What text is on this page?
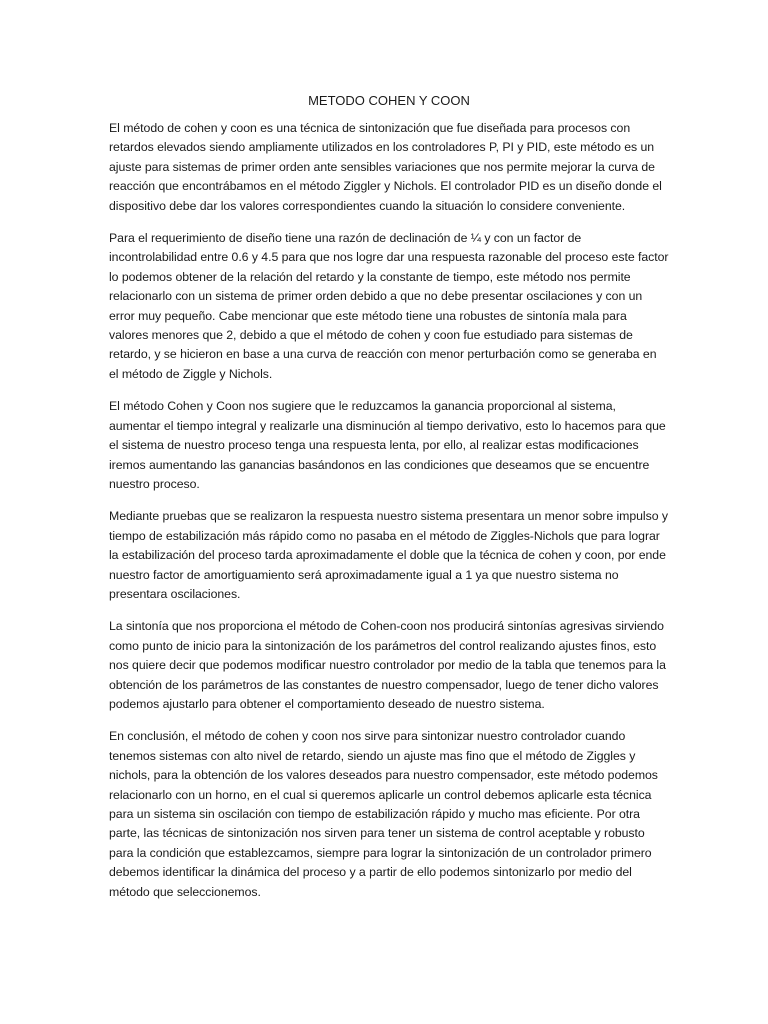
METODO COHEN Y COON

El método de cohen y coon es una técnica de sintonización que fue diseñada para procesos con retardos elevados siendo ampliamente utilizados en los controladores P, PI y PID, este método es un ajuste para sistemas de primer orden ante sensibles variaciones que nos permite mejorar la curva de reacción que encontrábamos en el método Ziggler y Nichols. El controlador PID es un diseño donde el dispositivo debe dar los valores correspondientes cuando la situación lo considere conveniente.

Para el requerimiento de diseño tiene una razón de declinación de ¼ y con un factor de incontrolabilidad entre 0.6 y 4.5 para que nos logre dar una respuesta razonable del proceso este factor lo podemos obtener de la relación del retardo y la constante de tiempo, este método nos permite relacionarlo con un sistema de primer orden debido a que no debe presentar oscilaciones y con un error muy pequeño. Cabe mencionar que este método tiene una robustes de sintonía mala para valores menores que 2, debido a que el método de cohen y coon fue estudiado para sistemas de retardo, y se hicieron en base a una curva de reacción con menor perturbación como se generaba en el método de Ziggle y Nichols.

El método Cohen y Coon nos sugiere que le reduzcamos la ganancia proporcional al sistema, aumentar el tiempo integral y realizarle una disminución al tiempo derivativo, esto lo hacemos para que el sistema de nuestro proceso tenga una respuesta lenta, por ello, al realizar estas modificaciones iremos aumentando las ganancias basándonos en las condiciones que deseamos que se encuentre nuestro proceso.

Mediante pruebas que se realizaron la respuesta nuestro sistema presentara un menor sobre impulso y tiempo de estabilización más rápido como no pasaba en el método de Ziggles-Nichols que para lograr la estabilización del proceso tarda aproximadamente el doble que la técnica de cohen y coon, por ende nuestro factor de amortiguamiento será aproximadamente igual a 1 ya que nuestro sistema no presentara oscilaciones.

La sintonía que nos proporciona el método de Cohen-coon nos producirá sintonías agresivas sirviendo como punto de inicio para la sintonización de los parámetros del control realizando ajustes finos, esto nos quiere decir que podemos modificar nuestro controlador por medio de la tabla que tenemos para la obtención de los parámetros de las constantes de nuestro compensador, luego de tener dicho valores podemos ajustarlo para obtener el comportamiento deseado de nuestro sistema.

En conclusión, el método de cohen y coon nos sirve para sintonizar nuestro controlador cuando tenemos sistemas con alto nivel de retardo, siendo un ajuste mas fino que el método de Ziggles y nichols, para la obtención de los valores deseados para nuestro compensador, este método podemos relacionarlo con un horno, en el cual si queremos aplicarle un control debemos aplicarle esta técnica para un sistema sin oscilación con tiempo de estabilización rápido y mucho mas eficiente. Por otra parte, las técnicas de sintonización nos sirven para tener un sistema de control aceptable y robusto para la condición que establezcamos, siempre para lograr la sintonización de un controlador primero debemos identificar la dinámica del proceso y a partir de ello podemos sintonizarlo por medio del método que seleccionemos.
